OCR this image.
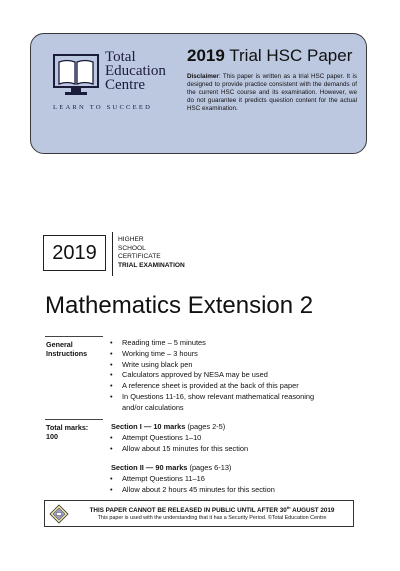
Total
Education
Centre
LEARN TO SUCCEED
2019 Trial HSC Paper
Disclaimer: This paper is written as a trial HSC paper. It is designed to provide practice consistent with the demands of the current HSC course and its examination. However, we do not guarantee it predicts question content for the actual HSC examination.
2019
HIGHER
SCHOOL
CERTIFICATE
TRIAL EXAMINATION
Mathematics Extension 2
General
Instructions
• Reading time – 5 minutes
• Working time – 3 hours
• Write using black pen
• Calculators approved by NESA may be used
• A reference sheet is provided at the back of this paper
• In Questions 11-16, show relevant mathematical reasoning and/or calculations
Total marks:
100
Section I — 10 marks (pages 2-5)
• Attempt Questions 1–10
• Allow about 15 minutes for this section
Section II — 90 marks (pages 6-13)
• Attempt Questions 11–16
• Allow about 2 hours 45 minutes for this section
THIS PAPER CANNOT BE RELEASED IN PUBLIC UNTIL AFTER 30th AUGUST 2019
This paper is used with the understanding that it has a Security Period. ©Total Education Centre
